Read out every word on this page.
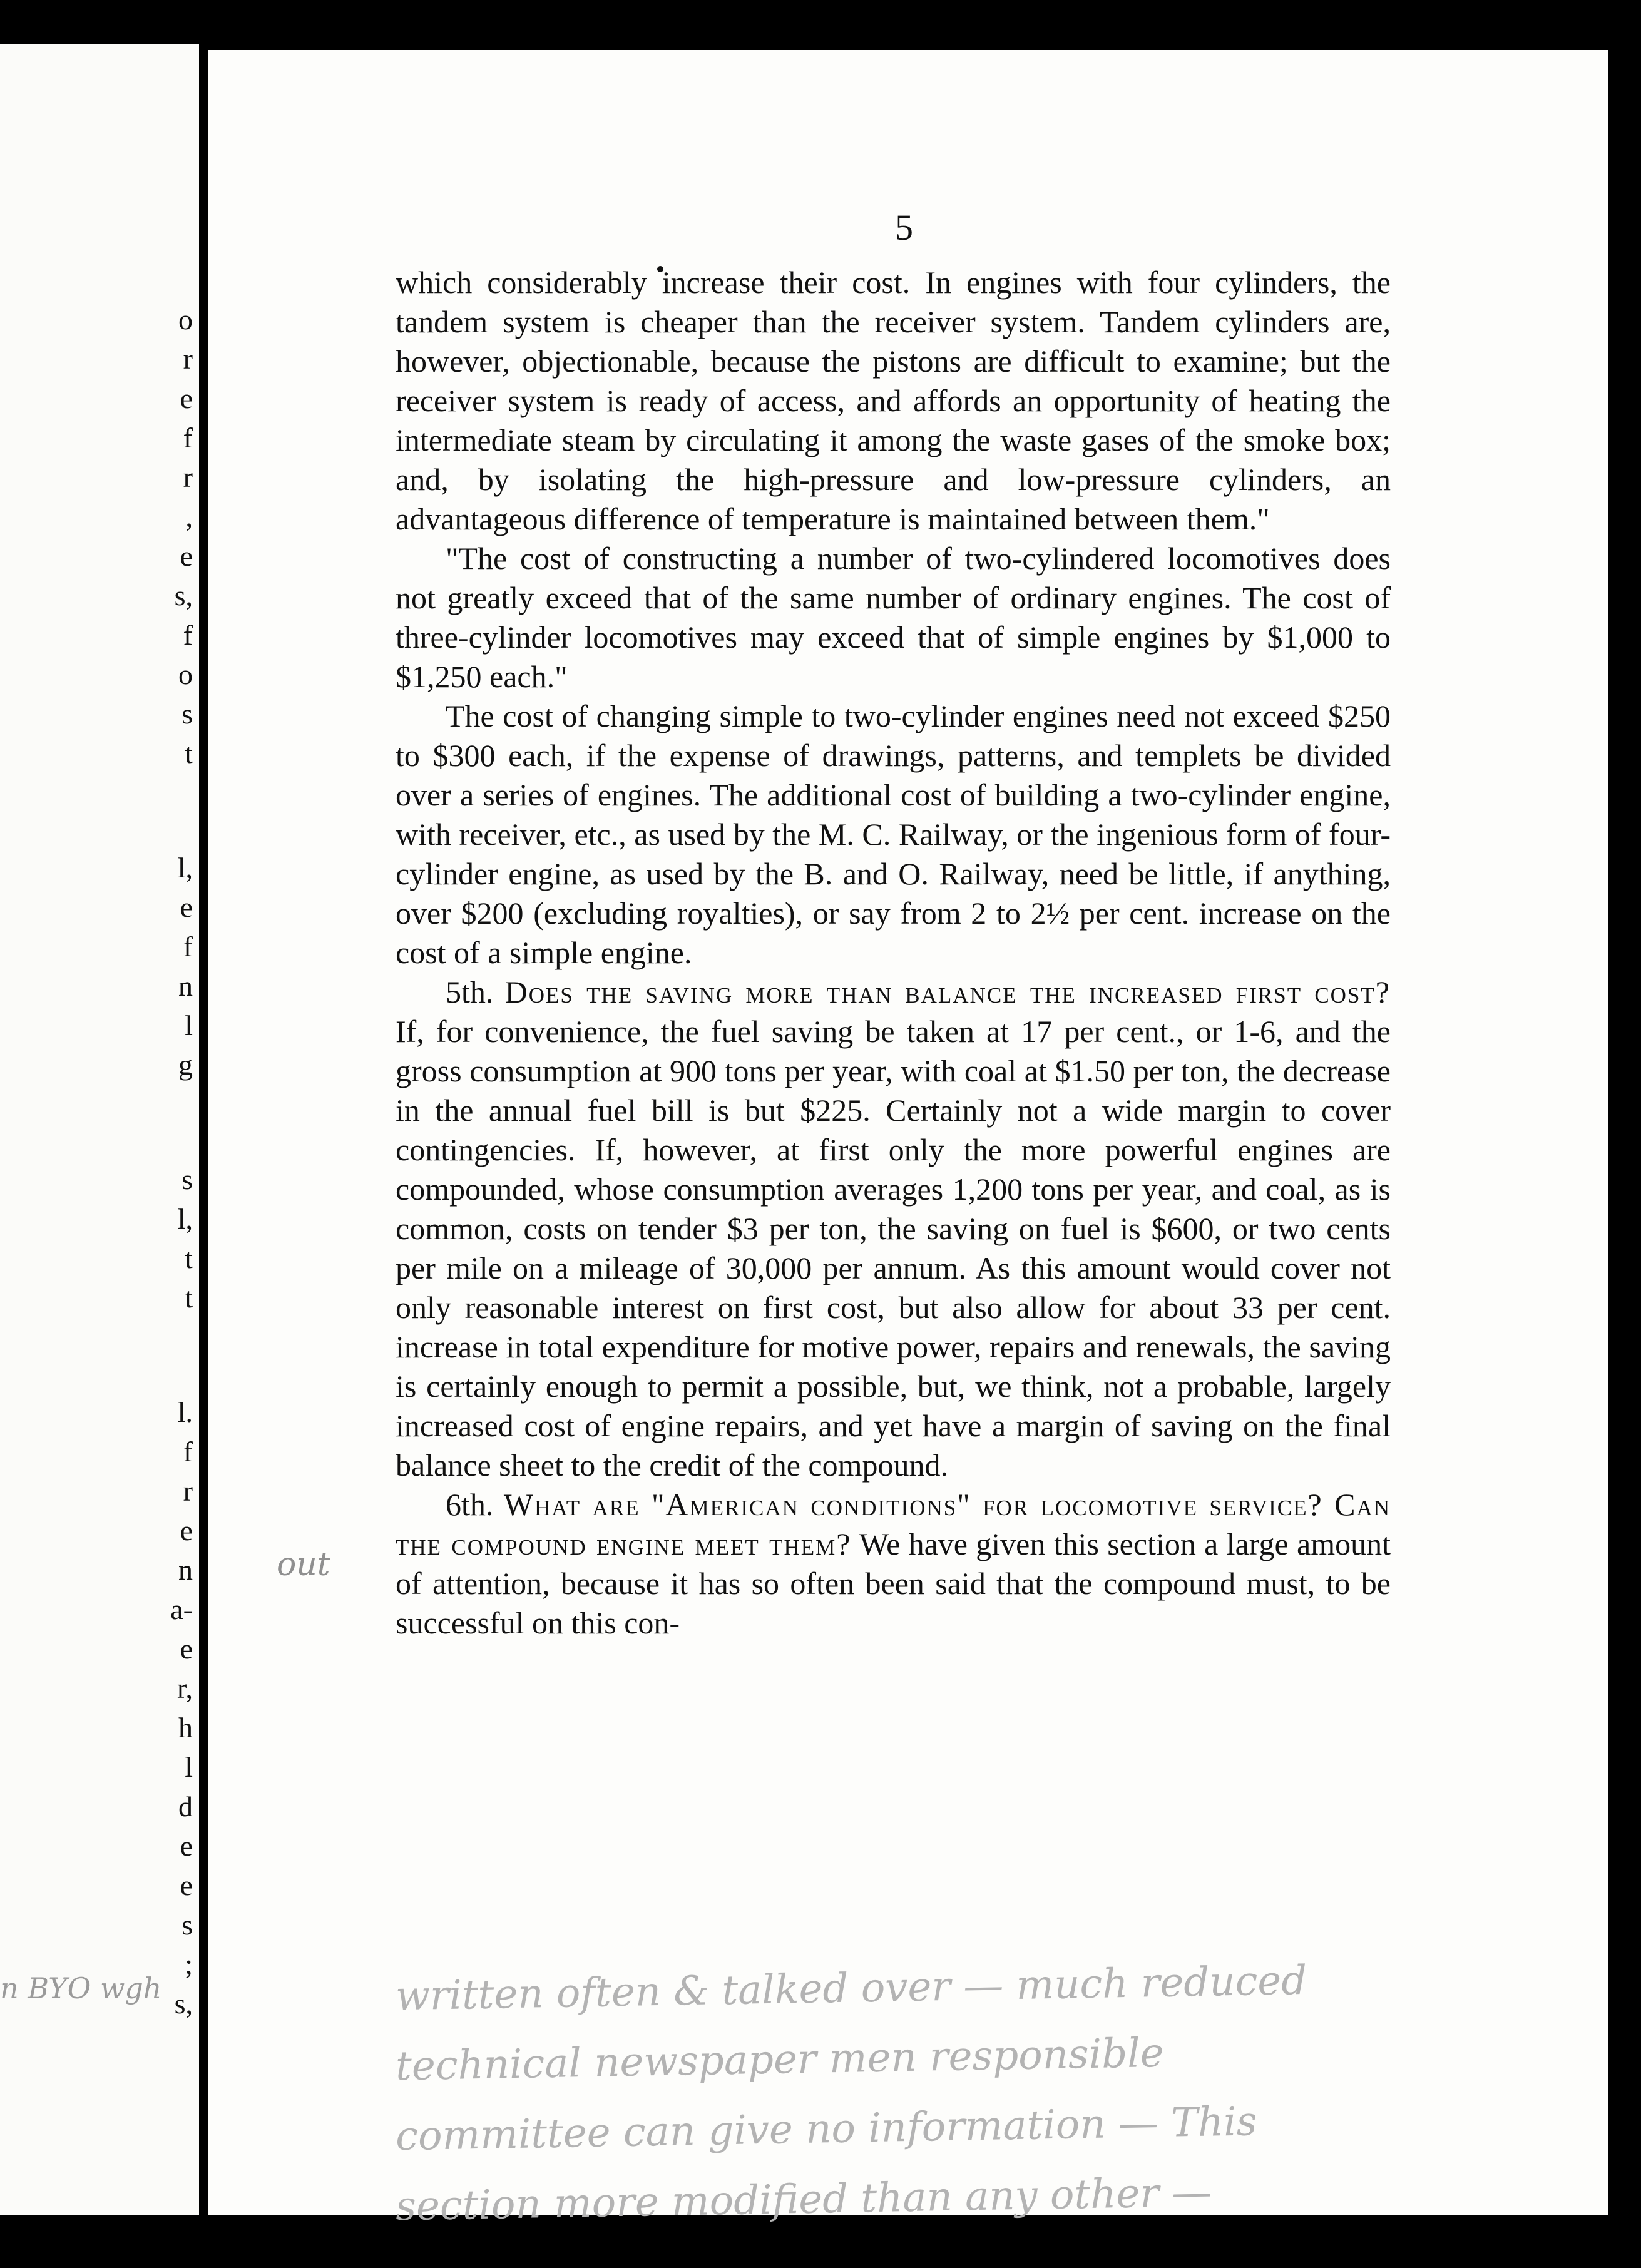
o
r
e
f
r
,
e
s,
f
o
s
t
l,
e
f
n
l
g
s
l,
t
t
l.
f
r
e
n
a-
e
r,
h
l
d
e
e
s
;
s,
n BYO wgh
5

which considerably increase their cost. In engines with four cylinders, the tandem system is cheaper than the receiver system. Tandem cylinders are, however, objectionable, because the pistons are difficult to examine; but the receiver system is ready of access, and affords an opportunity of heating the intermediate steam by circulating it among the waste gases of the smoke box; and, by isolating the high-pressure and low-pressure cylinders, an advantageous difference of temperature is maintained between them."

"The cost of constructing a number of two-cylindered locomotives does not greatly exceed that of the same number of ordinary engines. The cost of three-cylinder locomotives may exceed that of simple engines by $1,000 to $1,250 each."

The cost of changing simple to two-cylinder engines need not exceed $250 to $300 each, if the expense of drawings, patterns, and templets be divided over a series of engines. The additional cost of building a two-cylinder engine, with receiver, etc., as used by the M. C. Railway, or the ingenious form of four-cylinder engine, as used by the B. and O. Railway, need be little, if anything, over $200 (excluding royalties), or say from 2 to 2½ per cent. increase on the cost of a simple engine.

5th. Does the saving more than balance the increased first cost? If, for convenience, the fuel saving be taken at 17 per cent., or 1-6, and the gross consumption at 900 tons per year, with coal at $1.50 per ton, the decrease in the annual fuel bill is but $225. Certainly not a wide margin to cover contingencies. If, however, at first only the more powerful engines are compounded, whose consumption averages 1,200 tons per year, and coal, as is common, costs on tender $3 per ton, the saving on fuel is $600, or two cents per mile on a mileage of 30,000 per annum. As this amount would cover not only reasonable interest on first cost, but also allow for about 33 per cent. increase in total expenditure for motive power, repairs and renewals, the saving is certainly enough to permit a possible, but, we think, not a probable, largely increased cost of engine repairs, and yet have a margin of saving on the final balance sheet to the credit of the compound.

6th. What are "American conditions" for locomotive service? Can the compound engine meet them? We have given this section a large amount of attention, because it has so often been said that the compound must, to be successful on this con-

out
written often & talked over — much reduced
technical newspaper men responsible
committee can give no information — This
section more modified than any other —
